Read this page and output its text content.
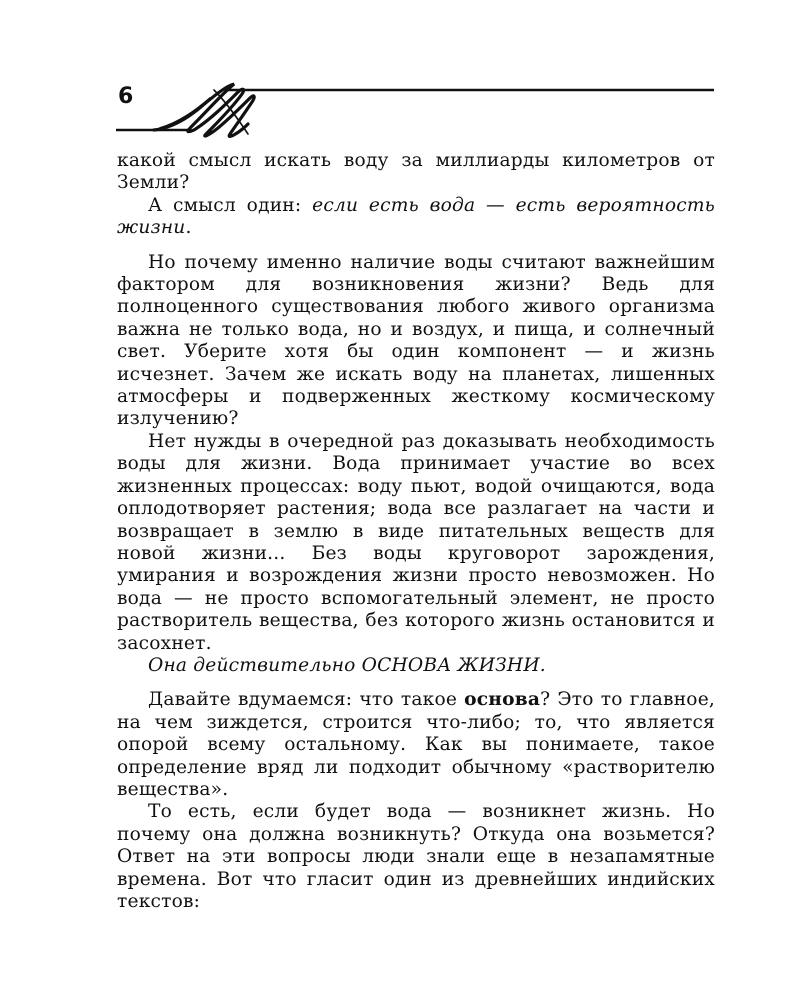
6

какой смысл искать воду за миллиарды километров от Земли?

А смысл один: если есть вода — есть вероятность жизни.

Но почему именно наличие воды считают важнейшим фактором для возникновения жизни? Ведь для полноценного существования любого живого организма важна не только вода, но и воздух, и пища, и солнечный свет. Уберите хотя бы один компонент — и жизнь исчезнет. Зачем же искать воду на планетах, лишенных атмосферы и подверженных жесткому космическому излучению?

Нет нужды в очередной раз доказывать необходимость воды для жизни. Вода принимает участие во всех жизненных процессах: воду пьют, водой очищаются, вода оплодотворяет растения; вода все разлагает на части и возвращает в землю в виде питательных веществ для новой жизни... Без воды круговорот зарождения, умирания и возрождения жизни просто невозможен. Но вода — не просто вспомогательный элемент, не просто растворитель вещества, без которого жизнь остановится и засохнет.

Она действительно ОСНОВА ЖИЗНИ.

Давайте вдумаемся: что такое основа? Это то главное, на чем зиждется, строится что-либо; то, что является опорой всему остальному. Как вы понимаете, такое определение вряд ли подходит обычному «растворителю вещества».

То есть, если будет вода — возникнет жизнь. Но почему она должна возникнуть? Откуда она возьмется? Ответ на эти вопросы люди знали еще в незапамятные времена. Вот что гласит один из древнейших индийских текстов:
